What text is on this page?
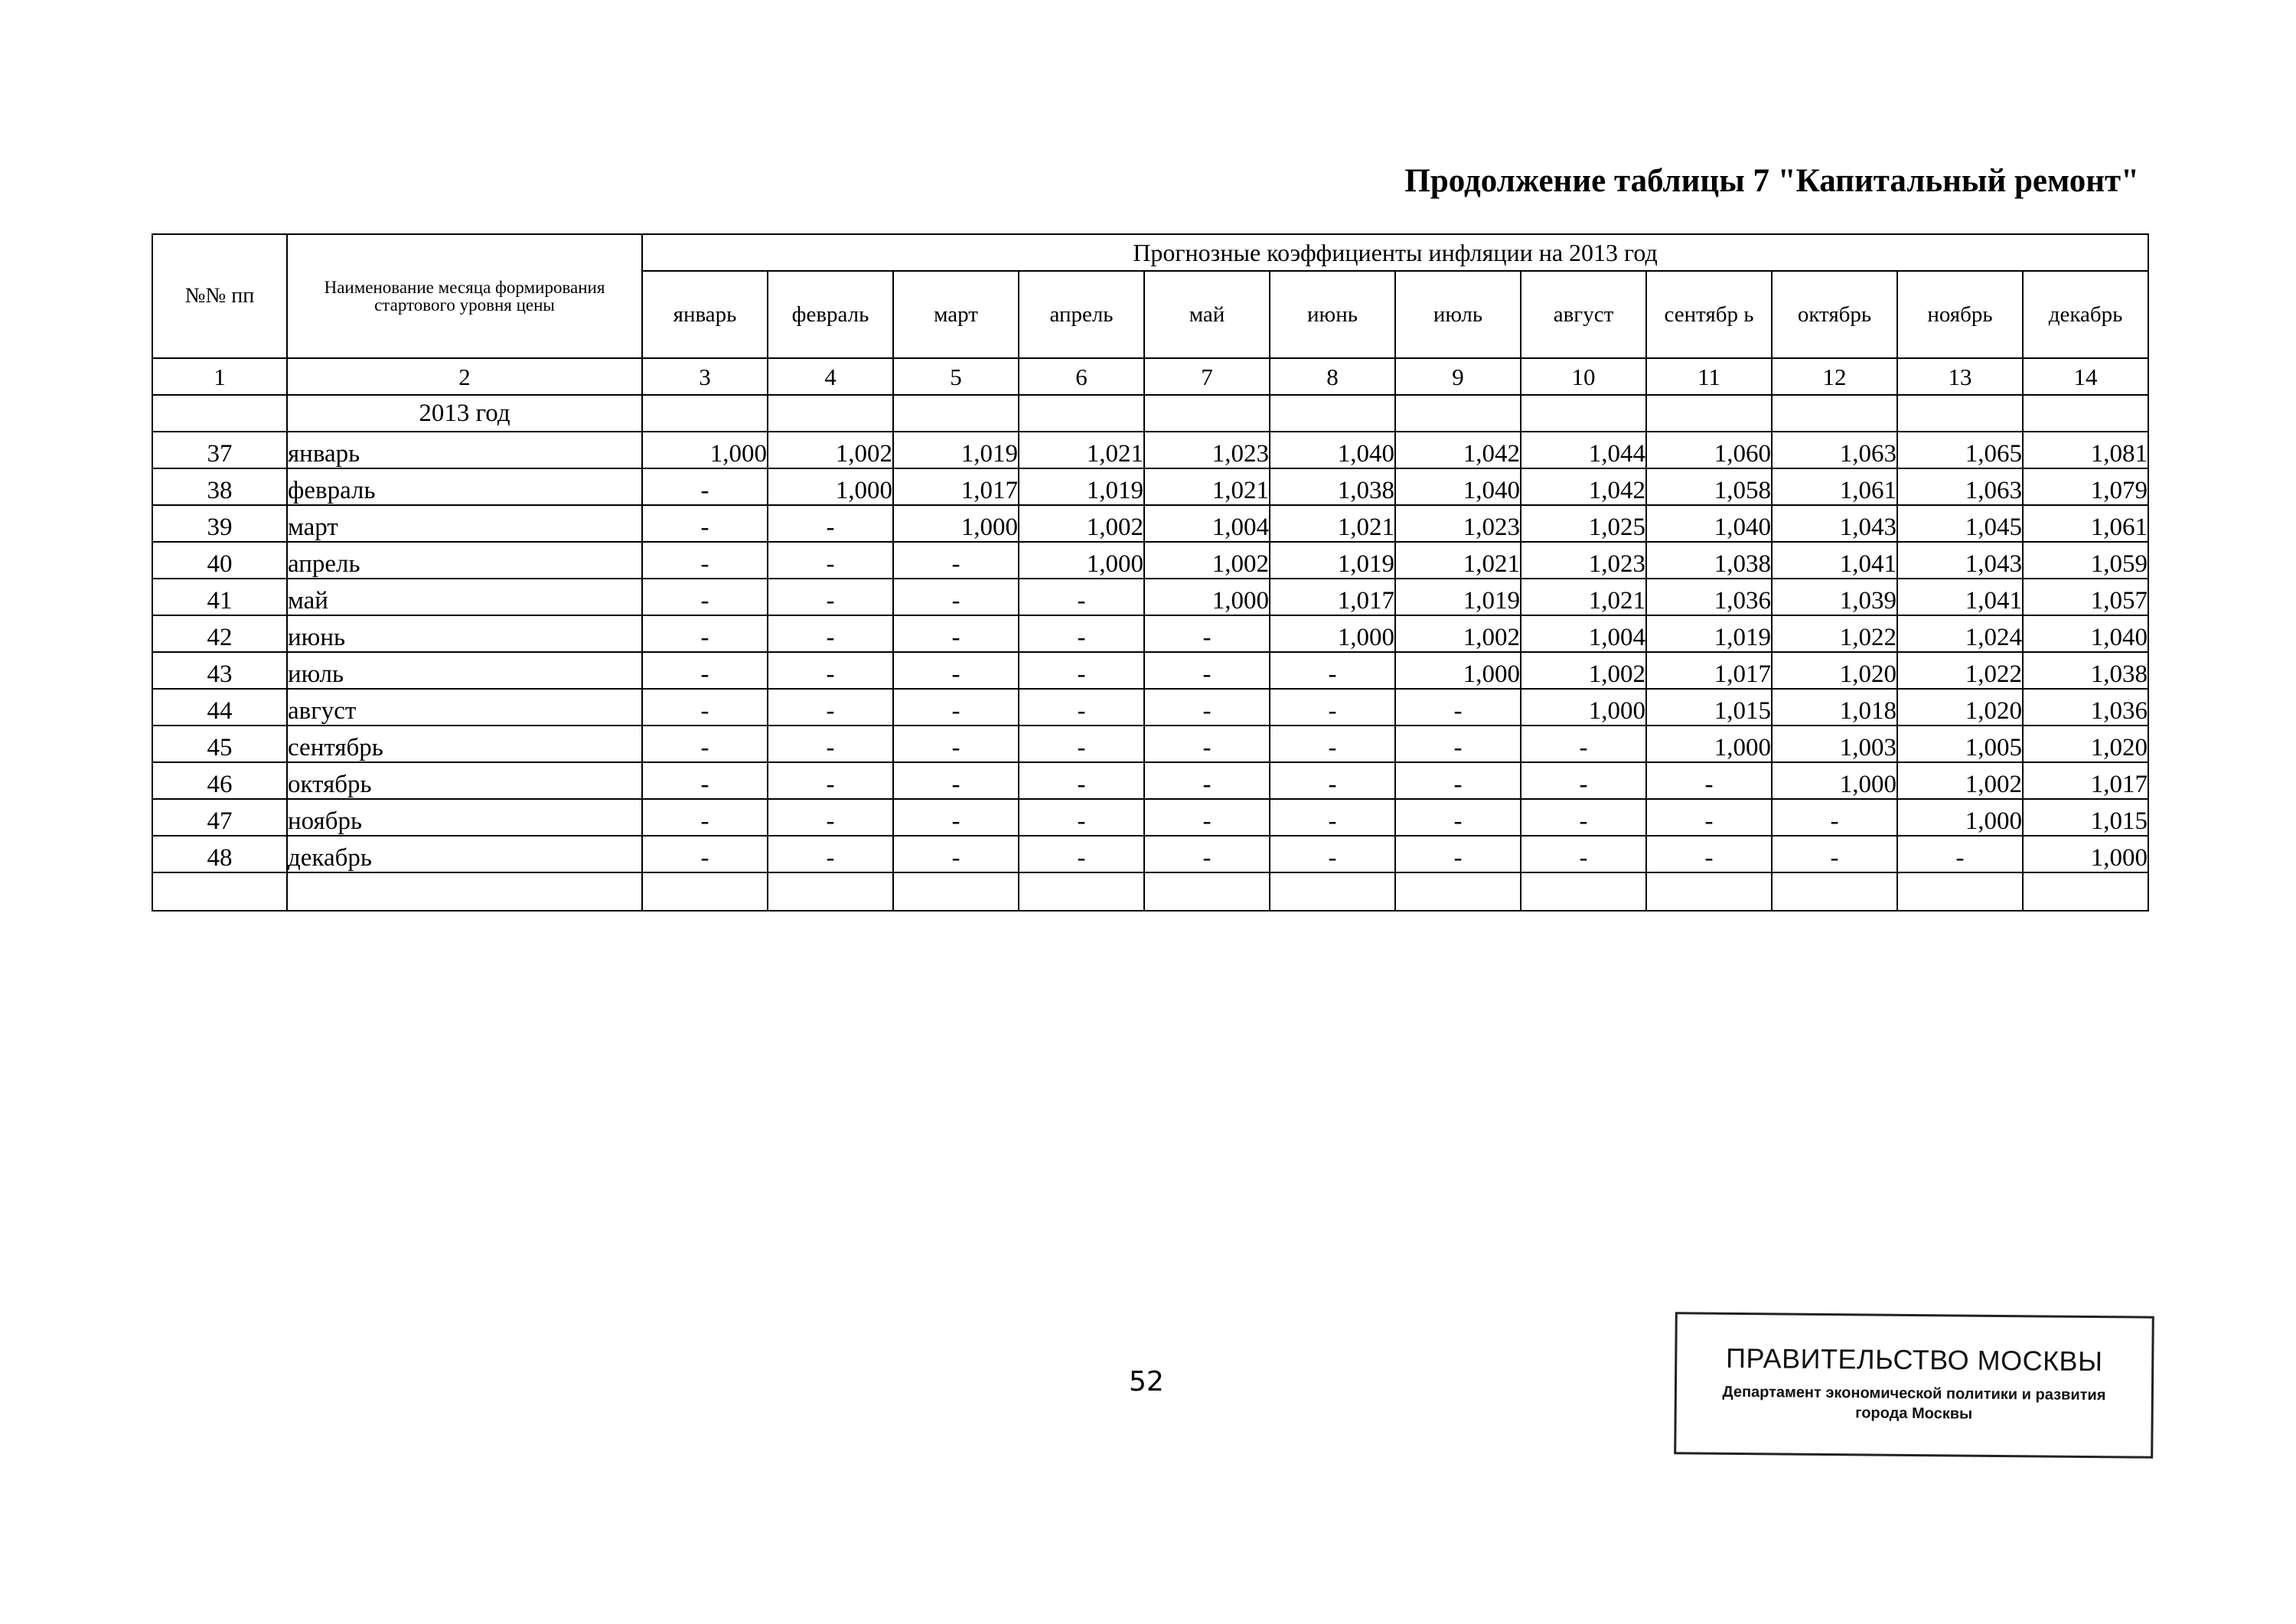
Продолжение таблицы 7 "Капитальный ремонт"
№№ пп	Наименование месяца формирования стартового уровня цены	Прогнозные коэффициенты инфляции на 2013 год											
		январь	февраль	март	апрель	май	июнь	июль	август	сентябр ь	октябрь	ноябрь	декабрь
1	2	3	4	5	6	7	8	9	10	11	12	13	14
	2013 год												
37	январь	1,000	1,002	1,019	1,021	1,023	1,040	1,042	1,044	1,060	1,063	1,065	1,081
38	февраль	-	1,000	1,017	1,019	1,021	1,038	1,040	1,042	1,058	1,061	1,063	1,079
39	март	-	-	1,000	1,002	1,004	1,021	1,023	1,025	1,040	1,043	1,045	1,061
40	апрель	-	-	-	1,000	1,002	1,019	1,021	1,023	1,038	1,041	1,043	1,059
41	май	-	-	-	-	1,000	1,017	1,019	1,021	1,036	1,039	1,041	1,057
42	июнь	-	-	-	-	-	1,000	1,002	1,004	1,019	1,022	1,024	1,040
43	июль	-	-	-	-	-	-	1,000	1,002	1,017	1,020	1,022	1,038
44	август	-	-	-	-	-	-	-	1,000	1,015	1,018	1,020	1,036
45	сентябрь	-	-	-	-	-	-	-	-	1,000	1,003	1,005	1,020
46	октябрь	-	-	-	-	-	-	-	-	-	1,000	1,002	1,017
47	ноябрь	-	-	-	-	-	-	-	-	-	-	1,000	1,015
48	декабрь	-	-	-	-	-	-	-	-	-	-	-	1,000

52
ПРАВИТЕЛЬСТВО МОСКВЫ
Департамент экономической политики и развития
города Москвы
